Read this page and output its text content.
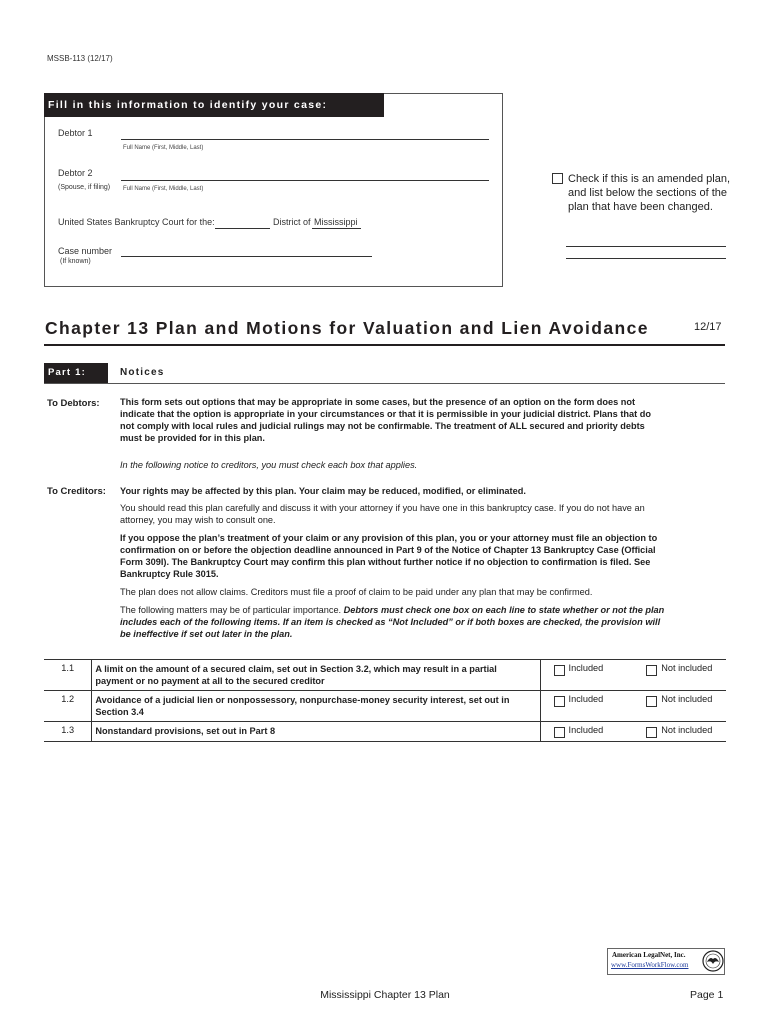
MSSB-113 (12/17)
Fill in this information to identify your case:
Debtor 1
Full Name (First, Middle, Last)
Debtor 2
(Spouse, if filing) Full Name (First, Middle, Last)
United States Bankruptcy Court for the:	District of Mississippi
Case number
(If known)
Check if this is an amended plan, and list below the sections of the plan that have been changed.
Chapter 13 Plan and Motions for Valuation and Lien Avoidance	12/17
Part 1:	Notices
To Debtors: This form sets out options that may be appropriate in some cases, but the presence of an option on the form does not indicate that the option is appropriate in your circumstances or that it is permissible in your judicial district. Plans that do not comply with local rules and judicial rulings may not be confirmable. The treatment of ALL secured and priority debts must be provided for in this plan.
In the following notice to creditors, you must check each box that applies.
To Creditors: Your rights may be affected by this plan. Your claim may be reduced, modified, or eliminated.
You should read this plan carefully and discuss it with your attorney if you have one in this bankruptcy case. If you do not have an attorney, you may wish to consult one.
If you oppose the plan’s treatment of your claim or any provision of this plan, you or your attorney must file an objection to confirmation on or before the objection deadline announced in Part 9 of the Notice of Chapter 13 Bankruptcy Case (Official Form 309I). The Bankruptcy Court may confirm this plan without further notice if no objection to confirmation is filed. See Bankruptcy Rule 3015.
The plan does not allow claims. Creditors must file a proof of claim to be paid under any plan that may be confirmed.
The following matters may be of particular importance. Debtors must check one box on each line to state whether or not the plan includes each of the following items. If an item is checked as “Not Included” or if both boxes are checked, the provision will be ineffective if set out later in the plan.
1.1	A limit on the amount of a secured claim, set out in Section 3.2, which may result in a partial payment or no payment at all to the secured creditor	Included	Not included

1.2	Avoidance of a judicial lien or nonpossessory, nonpurchase-money security interest, set out in Section 3.4	Included	Not included

1.3	Nonstandard provisions, set out in Part 8	Included	Not included
American LegalNet, Inc.
www.FormsWorkFlow.com
Mississippi Chapter 13 Plan	Page 1
